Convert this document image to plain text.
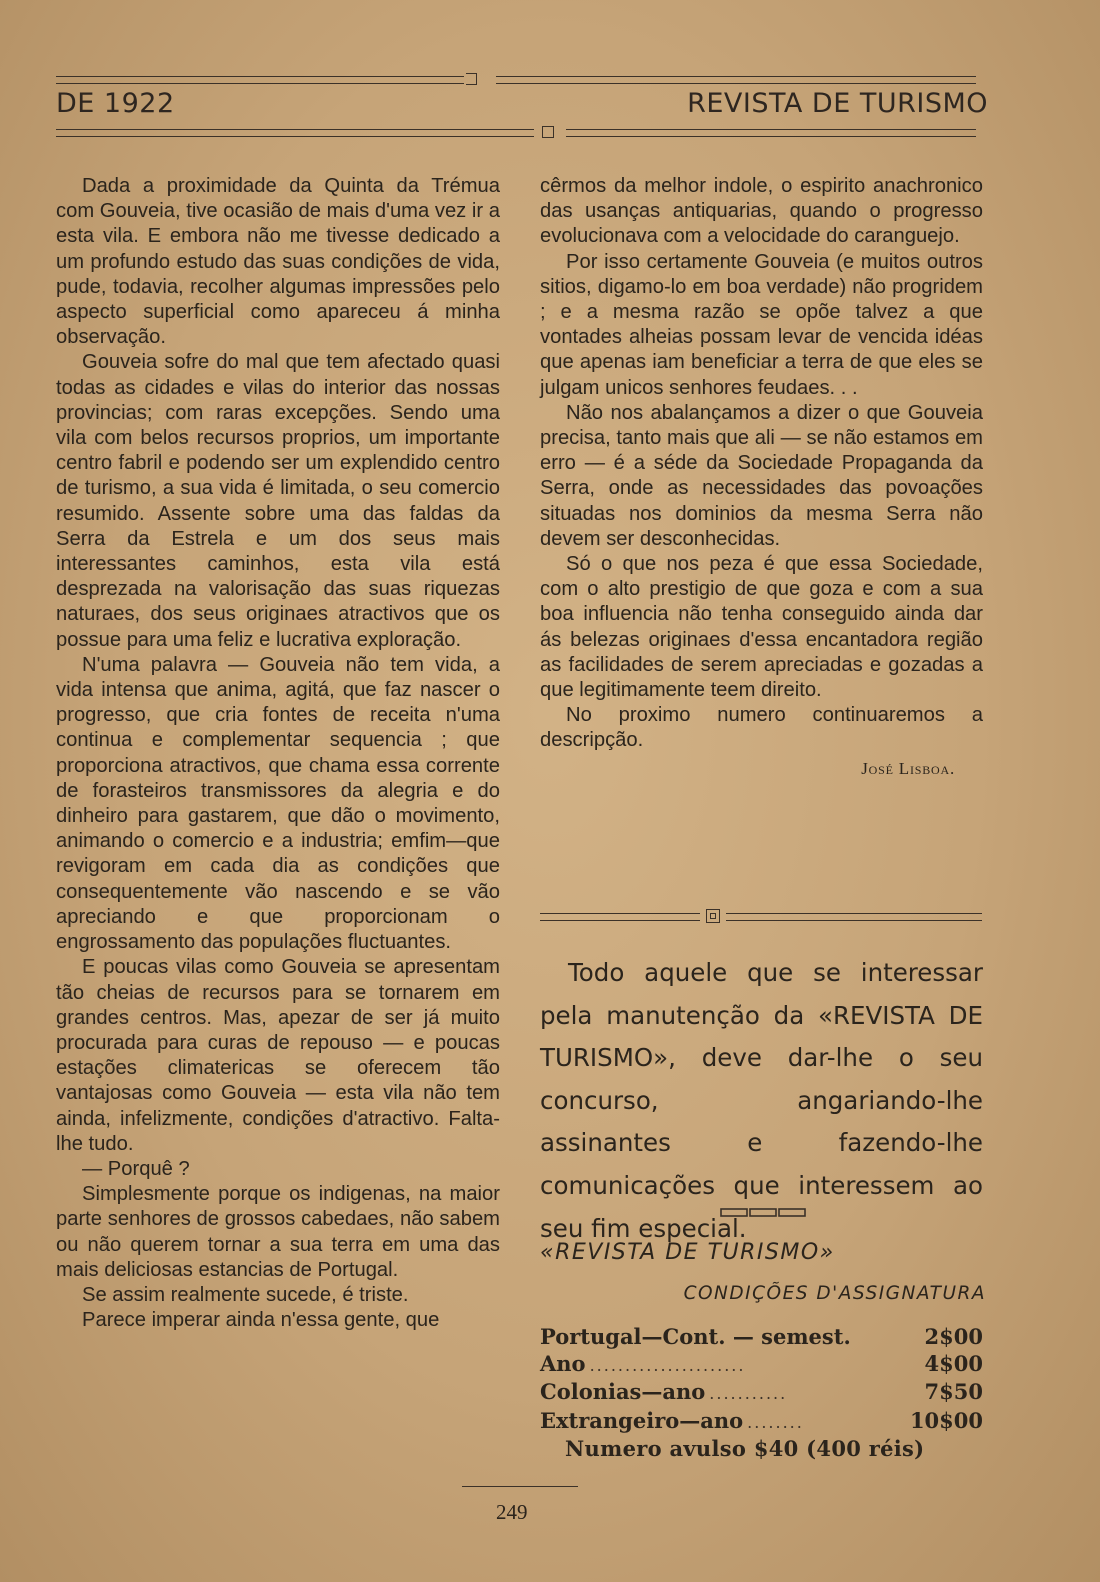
DE 1922	REVISTA DE TURISMO

Dada a proximidade da Quinta da Trémua com Gouveia, tive ocasião de mais d'uma vez ir a esta vila. E embora não me tivesse dedicado a um profundo estudo das suas condições de vida, pude, todavia, recolher algumas impressões pelo aspecto superficial como apareceu á minha observação.

Gouveia sofre do mal que tem afectado quasi todas as cidades e vilas do interior das nossas provincias; com raras excepções. Sendo uma vila com belos recursos proprios, um importante centro fabril e podendo ser um explendido centro de turismo, a sua vida é limitada, o seu comercio resumido. Assente sobre uma das faldas da Serra da Estrela e um dos seus mais interessantes caminhos, esta vila está desprezada na valorisação das suas riquezas naturaes, dos seus originaes atractivos que os possue para uma feliz e lucrativa exploração.

N'uma palavra — Gouveia não tem vida, a vida intensa que anima, agitá, que faz nascer o progresso, que cria fontes de receita n'uma continua e complementar sequencia ; que proporciona atractivos, que chama essa corrente de forasteiros transmissores da alegria e do dinheiro para gastarem, que dão o movimento, animando o comercio e a industria; emfim—que revigoram em cada dia as condições que consequentemente vão nascendo e se vão apreciando e que proporcionam o engrossamento das populações fluctuantes.

E poucas vilas como Gouveia se apresentam tão cheias de recursos para se tornarem em grandes centros. Mas, apezar de ser já muito procurada para curas de repouso — e poucas estações climatericas se oferecem tão vantajosas como Gouveia — esta vila não tem ainda, infelizmente, condições d'atractivo. Falta-lhe tudo.

— Porquê ?

Simplesmente porque os indigenas, na maior parte senhores de grossos cabedaes, não sabem ou não querem tornar a sua terra em uma das mais deliciosas estancias de Portugal.

Se assim realmente sucede, é triste.

Parece imperar ainda n'essa gente, que

cêrmos da melhor indole, o espirito anachronico das usanças antiquarias, quando o progresso evolucionava com a velocidade do caranguejo.

Por isso certamente Gouveia (e muitos outros sitios, digamo-lo em boa verdade) não progridem ; e a mesma razão se opõe talvez a que vontades alheias possam levar de vencida idéas que apenas iam beneficiar a terra de que eles se julgam unicos senhores feudaes. . .

Não nos abalançamos a dizer o que Gouveia precisa, tanto mais que ali — se não estamos em erro — é a séde da Sociedade Propaganda da Serra, onde as necessidades das povoações situadas nos dominios da mesma Serra não devem ser desconhecidas.

Só o que nos peza é que essa Sociedade, com o alto prestigio de que goza e com a sua boa influencia não tenha conseguido ainda dar ás belezas originaes d'essa encantadora região as facilidades de serem apreciadas e gozadas a que legitimamente teem direito.

No proximo numero continuaremos a descripção.

José Lisboa.

Todo aquele que se interessar pela manutenção da «REVISTA DE TURISMO», deve dar-lhe o seu concurso, angariando-lhe assinantes e fazendo-lhe comunicações que interessem ao seu fim especial.

«REVISTA DE TURISMO»
CONDIÇÕES D'ASSIGNATURA
Portugal—Cont. — semest.	2$00
Ano ......................	4$00
Colonias—ano ...........	7$50
Extrangeiro—ano ........	10$00
Numero avulso $40 (400 réis)
249
